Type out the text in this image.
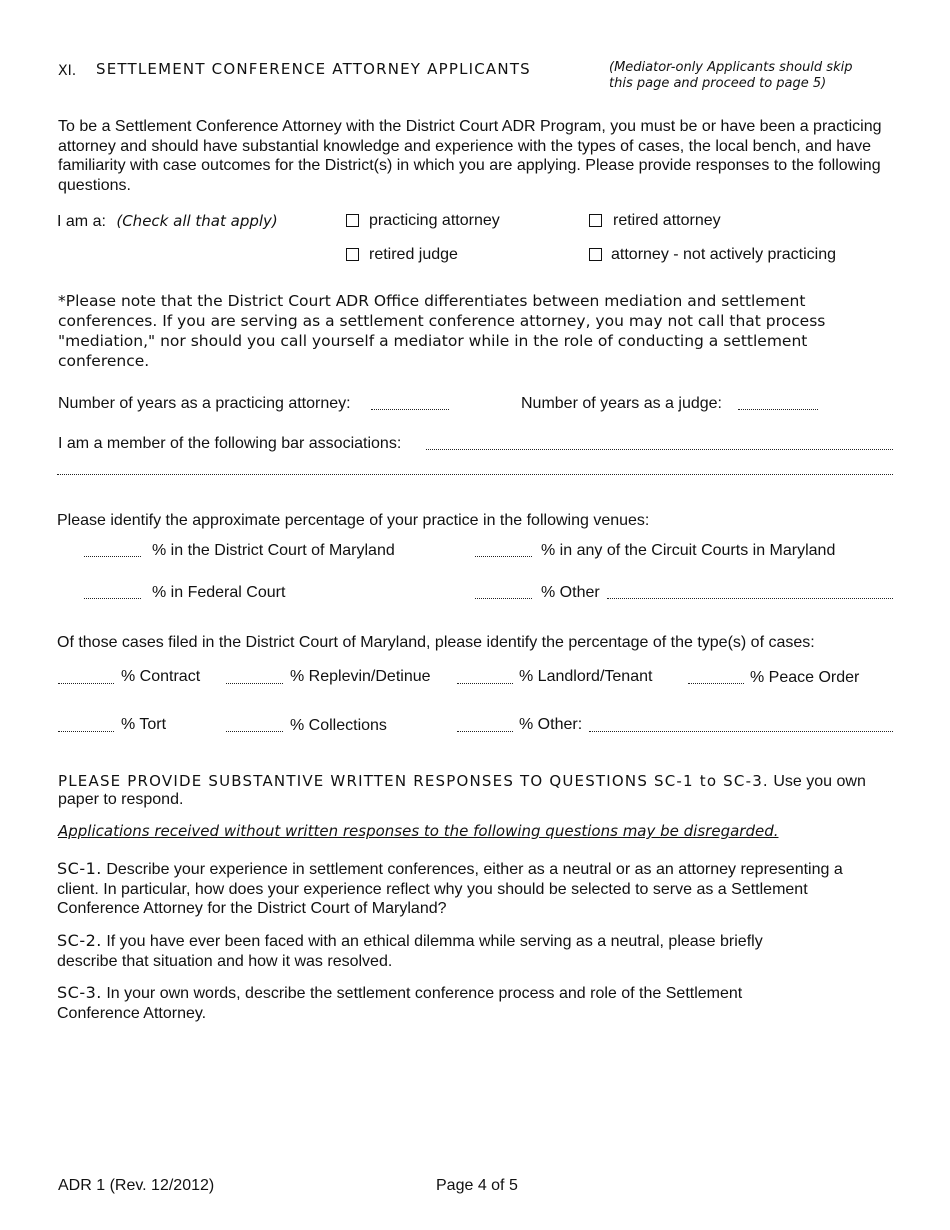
XI. SETTLEMENT CONFERENCE ATTORNEY APPLICANTS	(Mediator-only Applicants should skip
this page and proceed to page 5)
To be a Settlement Conference Attorney with the District Court ADR Program, you must be or have been a practicing attorney and should have substantial knowledge and experience with the types of cases, the local bench, and have familiarity with case outcomes for the District(s) in which you are applying. Please provide responses to the following questions.
I am a: (Check all that apply)	practicing attorney	retired attorney
retired judge	attorney - not actively practicing
*Please note that the District Court ADR Office differentiates between mediation and settlement conferences. If you are serving as a settlement conference attorney, you may not call that process "mediation," nor should you call yourself a mediator while in the role of conducting a settlement conference.
Number of years as a practicing attorney:	Number of years as a judge:
I am a member of the following bar associations:
Please identify the approximate percentage of your practice in the following venues:
% in the District Court of Maryland	% in any of the Circuit Courts in Maryland
% in Federal Court	% Other
Of those cases filed in the District Court of Maryland, please identify the percentage of the type(s) of cases:
% Contract	% Replevin/Detinue	% Landlord/Tenant	% Peace Order
% Tort	% Collections	% Other:
PLEASE PROVIDE SUBSTANTIVE WRITTEN RESPONSES TO QUESTIONS SC-1 to SC-3. Use you own
paper to respond.
Applications received without written responses to the following questions may be disregarded.
SC-1. Describe your experience in settlement conferences, either as a neutral or as an attorney representing a client. In particular, how does your experience reflect why you should be selected to serve as a Settlement Conference Attorney for the District Court of Maryland?
SC-2. If you have ever been faced with an ethical dilemma while serving as a neutral, please briefly describe that situation and how it was resolved.
SC-3. In your own words, describe the settlement conference process and role of the Settlement Conference Attorney.
ADR 1 (Rev. 12/2012)	Page 4 of 5
